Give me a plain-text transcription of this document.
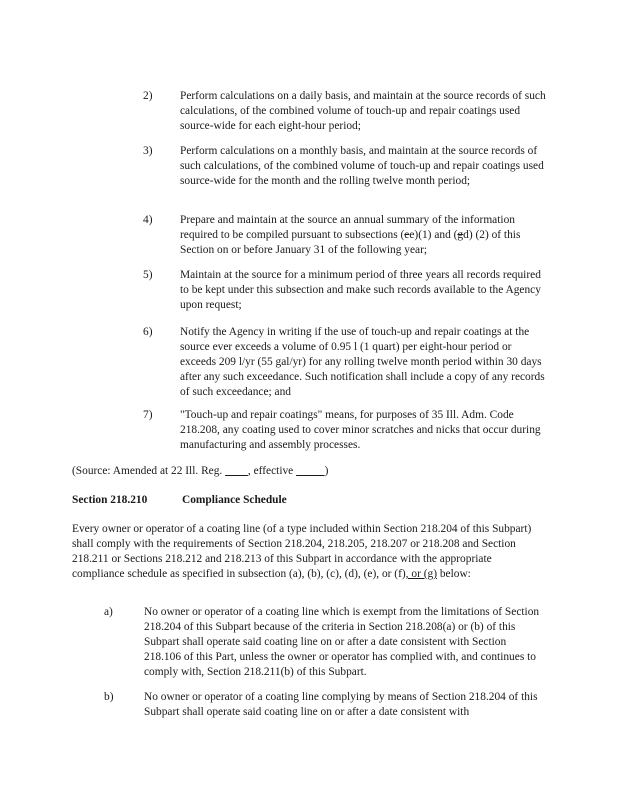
2)	Perform calculations on a daily basis, and maintain at the source records of such calculations, of the combined volume of touch-up and repair coatings used source-wide for each eight-hour period;
3)	Perform calculations on a monthly basis, and maintain at the source records of such calculations, of the combined volume of touch-up and repair coatings used source-wide for the month and the rolling twelve month period;
4)	Prepare and maintain at the source an annual summary of the information required to be compiled pursuant to subsections (ee)(1) and (gd) (2) of this Section on or before January 31 of the following year;
5)	Maintain at the source for a minimum period of three years all records required to be kept under this subsection and make such records available to the Agency upon request;
6)	Notify the Agency in writing if the use of touch-up and repair coatings at the source ever exceeds a volume of 0.95 l (1 quart) per eight-hour period or exceeds 209 l/yr (55 gal/yr) for any rolling twelve month period within 30 days after any such exceedance. Such notification shall include a copy of any records of such exceedance; and
7)	"Touch-up and repair coatings" means, for purposes of 35 Ill. Adm. Code 218.208, any coating used to cover minor scratches and nicks that occur during manufacturing and assembly processes.
(Source: Amended at 22 Ill. Reg.         , effective           )
Section 218.210	Compliance Schedule
Every owner or operator of a coating line (of a type included within Section 218.204 of this Subpart) shall comply with the requirements of Section 218.204, 218.205, 218.207 or 218.208 and Section 218.211 or Sections 218.212 and 218.213 of this Subpart in accordance with the appropriate compliance schedule as specified in subsection (a), (b), (c), (d), (e), or (f), or (g) below:
a)	No owner or operator of a coating line which is exempt from the limitations of Section 218.204 of this Subpart because of the criteria in Section 218.208(a) or (b) of this Subpart shall operate said coating line on or after a date consistent with Section 218.106 of this Part, unless the owner or operator has complied with, and continues to comply with, Section 218.211(b) of this Subpart.
b)	No owner or operator of a coating line complying by means of Section 218.204 of this Subpart shall operate said coating line on or after a date consistent with
